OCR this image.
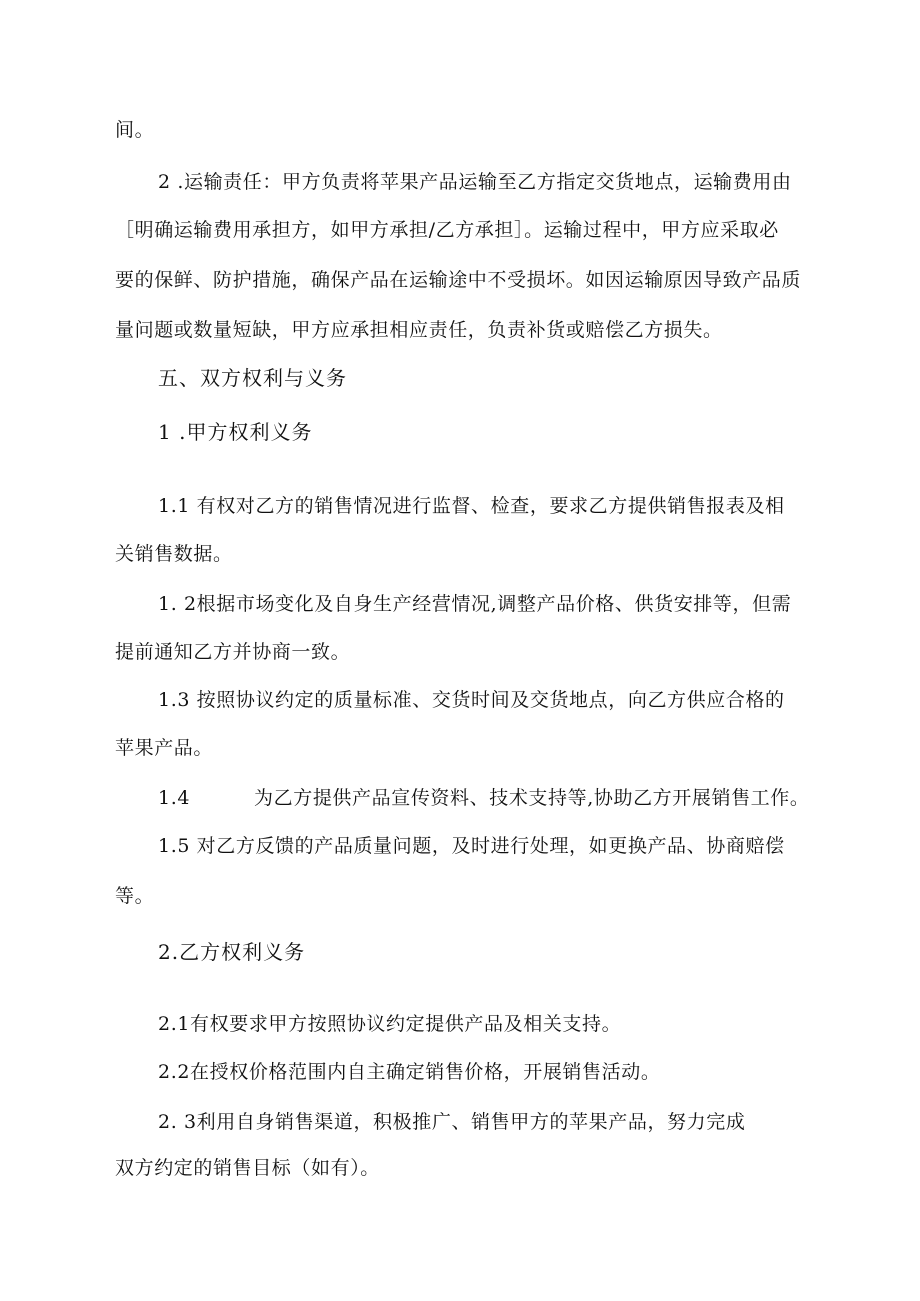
间。

2 .运输责任：甲方负责将苹果产品运输至乙方指定交货地点，运输费用由

［明确运输费用承担方，如甲方承担/乙方承担］。运输过程中，甲方应采取必

要的保鲜、防护措施，确保产品在运输途中不受损坏。如因运输原因导致产品质

量问题或数量短缺，甲方应承担相应责任，负责补货或赔偿乙方损失。

五、双方权利与义务

1 .甲方权利义务

1.1 有权对乙方的销售情况进行监督、检查，要求乙方提供销售报表及相

关销售数据。

1. 2根据市场变化及自身生产经营情况,调整产品价格、供货安排等，但需

提前通知乙方并协商一致。

1.3 按照协议约定的质量标准、交货时间及交货地点，向乙方供应合格的

苹果产品。

1.4	为乙方提供产品宣传资料、技术支持等,协助乙方开展销售工作。

1.5 对乙方反馈的产品质量问题，及时进行处理，如更换产品、协商赔偿

等。

2.乙方权利义务

2.1有权要求甲方按照协议约定提供产品及相关支持。

2.2在授权价格范围内自主确定销售价格，开展销售活动。

2. 3利用自身销售渠道，积极推广、销售甲方的苹果产品，努力完成

双方约定的销售目标（如有）。
